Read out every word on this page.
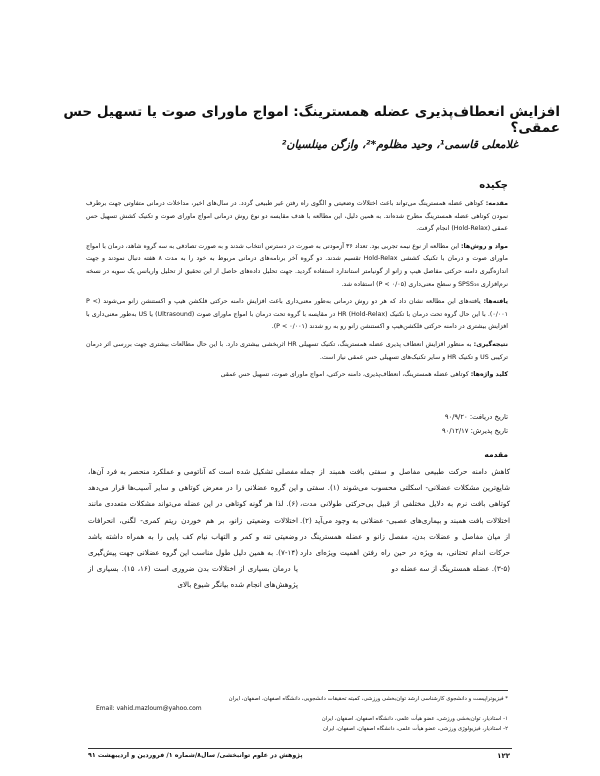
افزایش انعطاف‌پذیری عضله همسترینگ: امواج ماورای صوت یا تسهیل حس عمقی؟
غلامعلی قاسمی¹، وحید مظلوم*²، وازگن مینلسیان²
چکیده

مقدمه: کوتاهی عضله همسترینگ می‌تواند باعث اختلالات وضعیتی و الگوی راه رفتن غیر طبیعی گردد. در سال‌های اخیر، مداخلات درمانی متفاوتی جهت برطرف نمودن کوتاهی عضله همسترینگ مطرح شده‌اند. به همین دلیل، این مطالعه با هدف مقایسه دو نوع روش درمانی امواج ماورای صوت و تکنیک کشش تسهیل حس عمقی (Hold-Relax) انجام گرفت.

مواد و روش‌ها: این مطالعه از نوع نیمه تجربی بود. تعداد ۳۶ آزمودنی به صورت در دسترس انتخاب شدند و به صورت تصادفی به سه گروه شاهد، درمان با امواج ماورای صوت و درمان با تکنیک کششی Hold-Relax تقسیم شدند. دو گروه آخر برنامه‌های درمانی مربوط به خود را به مدت ۸ هفته دنبال نمودند و جهت اندازه‌گیری دامنه حرکتی مفاصل هیپ و زانو از گونیامتر استاندارد استفاده گردید. جهت تحلیل داده‌های حاصل از این تحقیق از تحلیل واریانس یک سویه در نسخه نرم‌افزاری SPSS₁₆ و سطح معنی‌داری (P < ۰/۰۵) استفاده شد.

یافته‌ها: یافته‌های این مطالعه نشان داد که هر دو روش درمانی به‌طور معنی‌داری باعث افزایش دامنه حرکتی فلکشن هیپ و اکستنشن زانو می‌شوند (P < ۰/۰۰۱). با این حال گروه تحت درمان با تکنیک (Hold-Relax) HR در مقایسه با گروه تحت درمان با امواج ماورای صوت (Ultrasound) یا US به‌طور معنی‌داری با افزایش بیشتری در دامنه حرکتی فلکشن‌هیپ و اکستنشن زانو رو به رو شدند (P < ۰/۰۰۱).

نتیجه‌گیری: به منظور افزایش انعطاف پذیری عضله همسترینگ، تکنیک تسهیلی HR اثربخشی بیشتری دارد. با این حال مطالعات بیشتری جهت بررسی اثر درمان ترکیبی US و تکنیک HR و سایر تکنیک‌های تسهیلی حس عمقی نیاز است.

کلید واژه‌ها: کوتاهی عضله همسترینگ، انعطاف‌پذیری، دامنه حرکتی، امواج ماورای صوت، تسهیل حس عمقی

تاریخ دریافت: ۹۰/۹/۲۰
تاریخ پذیرش: ۹۰/۱۲/۱۷
مقدمه

کاهش دامنه حرکت طبیعی مفاصل و سفتی بافت همبند از جمله شایع‌ترین مشکلات عضلانی- اسکلتی محسوب می‌شوند (۱). سفتی و کوتاهی بافت نرم به دلایل مختلفی از قبیل بی‌حرکتی طولانی مدت، اختلالات بافت همبند و بیماری‌های عصبی- عضلانی به وجود می‌آید (۲). از میان مفاصل و عضلات بدن، مفصل زانو و عضله همسترینگ در حرکات اندام تحتانی، به ویژه در حین راه رفتن اهمیت ویژه‌ای دارد (۵-۳). عضله همسترینگ از سه عضله دو

مفصلی تشکیل شده است که آناتومی و عملکرد منحصر به فرد آن‌ها، این گروه عضلانی را در معرض کوتاهی و سایر آسیب‌ها قرار می‌دهد (۶). لذا هر گونه کوتاهی در این عضله می‌تواند مشکلات متعددی مانند اختلالات وضعیتی زانو، بر هم خوردن ریتم کمری- لگنی، انحرافات وضعیتی تنه و کمر و التهاب نیام کف پایی را به همراه داشته باشد (۱۴-۷). به همین دلیل طول مناسب این گروه عضلانی جهت پیش‌گیری یا درمان بسیاری از اختلالات بدن ضروری است (۱۶، ۱۵). بسیاری از پژوهش‌های انجام شده بیانگر شیوع بالای

* فیزیوتراپیست و دانشجوی کارشناسی ارشد توان‌بخشی ورزشی، کمیته تحقیقات دانشجویی، دانشگاه اصفهان، اصفهان، ایران
۱- استادیار، توان‌بخشی ورزشی، عضو هیأت علمی، دانشگاه اصفهان، اصفهان، ایران
۲- استادیار، فیزیولوژی ورزشی، عضو هیأت علمی، دانشگاه اصفهان، اصفهان، ایران
Email: vahid.mazloum@yahoo.com
۱۲۲
پژوهش در علوم توانبخشی/ سال۸/شماره ۱/ فروردین و اردیبهشت ۹۱
